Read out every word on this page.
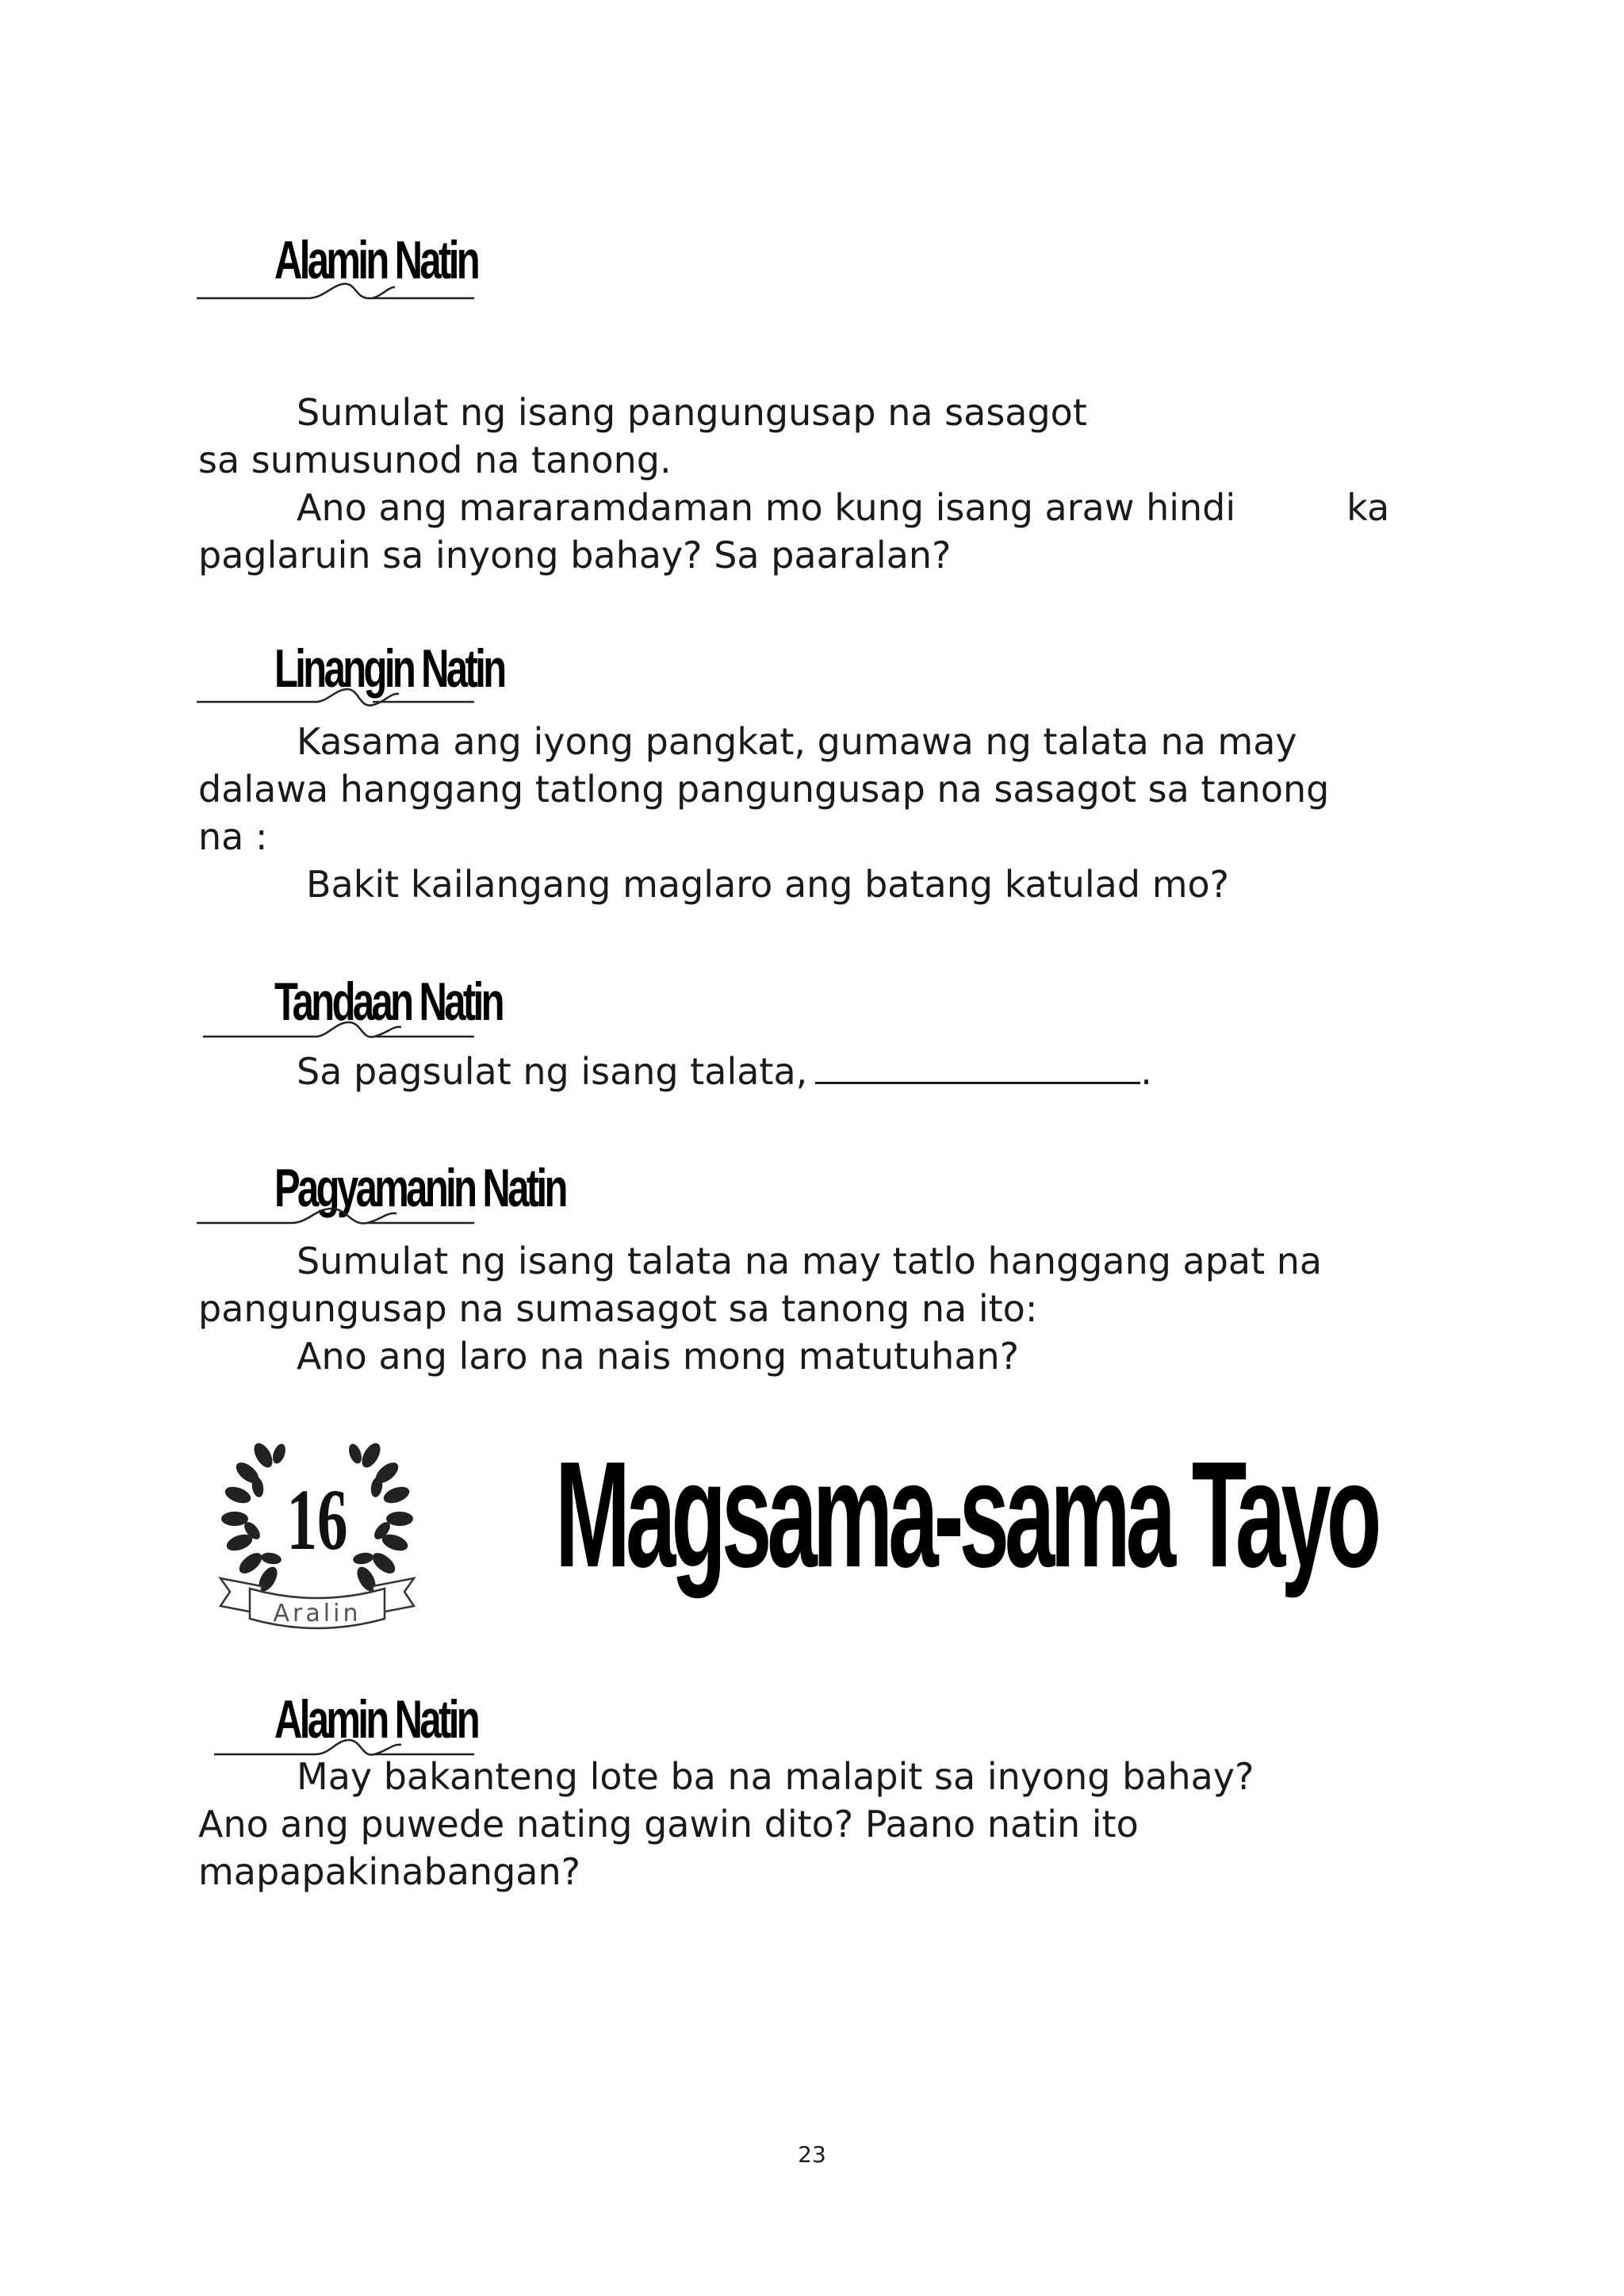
Alamin Natin
Sumulat ng isang pangungusap na sasagot
sa sumusunod na tanong.
Ano ang mararamdaman mo kung isang araw hindi	ka
paglaruin sa inyong bahay? Sa paaralan?
Linangin Natin
Kasama ang iyong pangkat, gumawa ng talata na may
dalawa hanggang tatlong pangungusap na sasagot sa tanong
na :
Bakit kailangang maglaro ang batang katulad mo?
Tandaan Natin
Sa pagsulat ng isang talata,	.
Pagyamanin Natin
Sumulat ng isang talata na may tatlo hanggang apat na
pangungusap na sumasagot sa tanong na ito:
Ano ang laro na nais mong matutuhan?
16
Aralin
Magsama-sama Tayo
Alamin Natin
May bakanteng lote ba na malapit sa inyong bahay?
Ano ang puwede nating gawin dito? Paano natin ito
mapapakinabangan?
23
